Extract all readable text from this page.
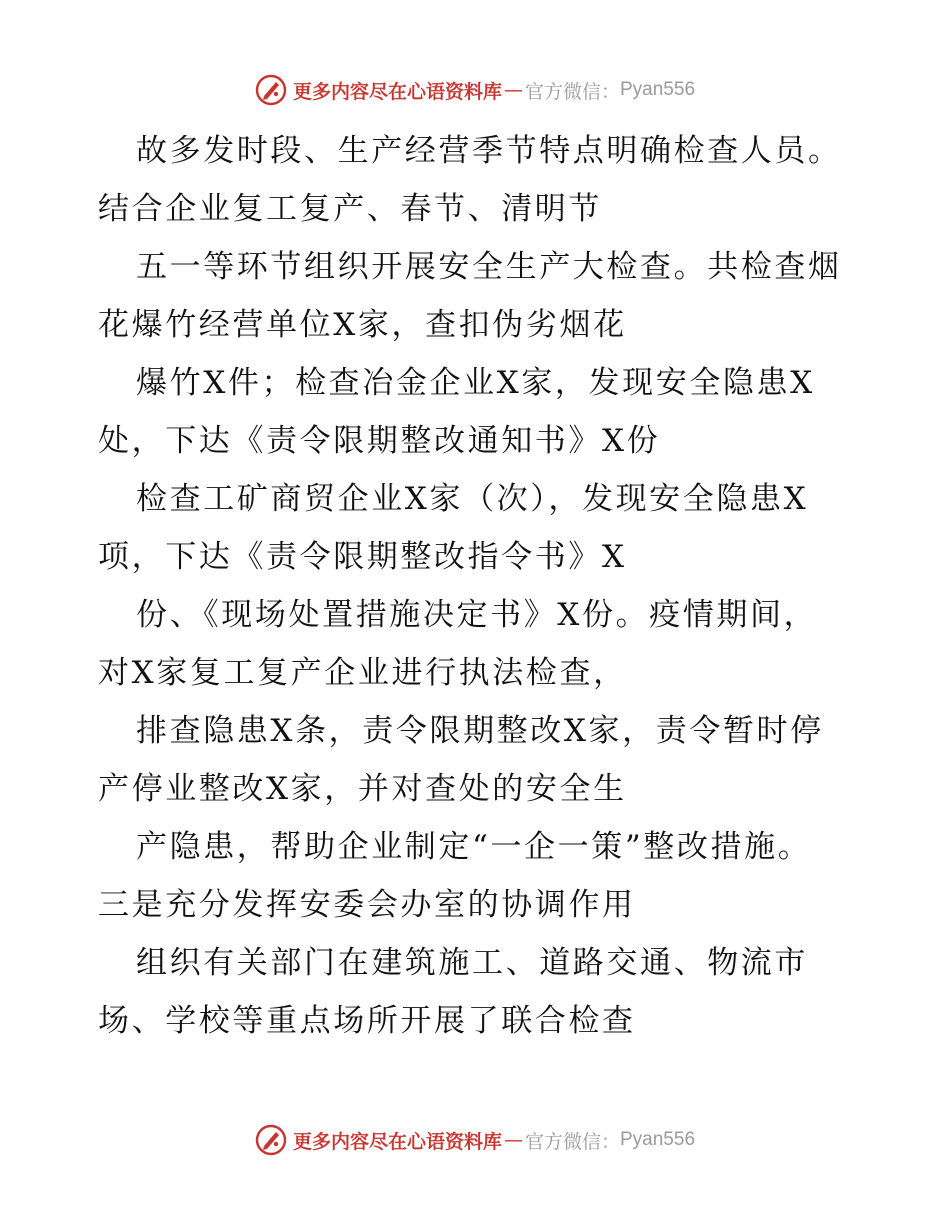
更多内容尽在心语资料库 — 官方微信： Pyan556
故多发时段、生产经营季节特点明确检查人员。
结合企业复工复产、春节、清明节
五一等环节组织开展安全生产大检查。共检查烟
花爆竹经营单位X家，查扣伪劣烟花
爆竹X件；检查冶金企业X家，发现安全隐患X
处，下达《责令限期整改通知书》X份
检查工矿商贸企业X家（次），发现安全隐患X
项，下达《责令限期整改指令书》X
份、《现场处置措施决定书》X份。疫情期间，
对X家复工复产企业进行执法检查，
排查隐患X条，责令限期整改X家，责令暂时停
产停业整改X家，并对查处的安全生
产隐患，帮助企业制定“一企一策”整改措施。
三是充分发挥安委会办室的协调作用
组织有关部门在建筑施工、道路交通、物流市
场、学校等重点场所开展了联合检查
更多内容尽在心语资料库 — 官方微信： Pyan556
